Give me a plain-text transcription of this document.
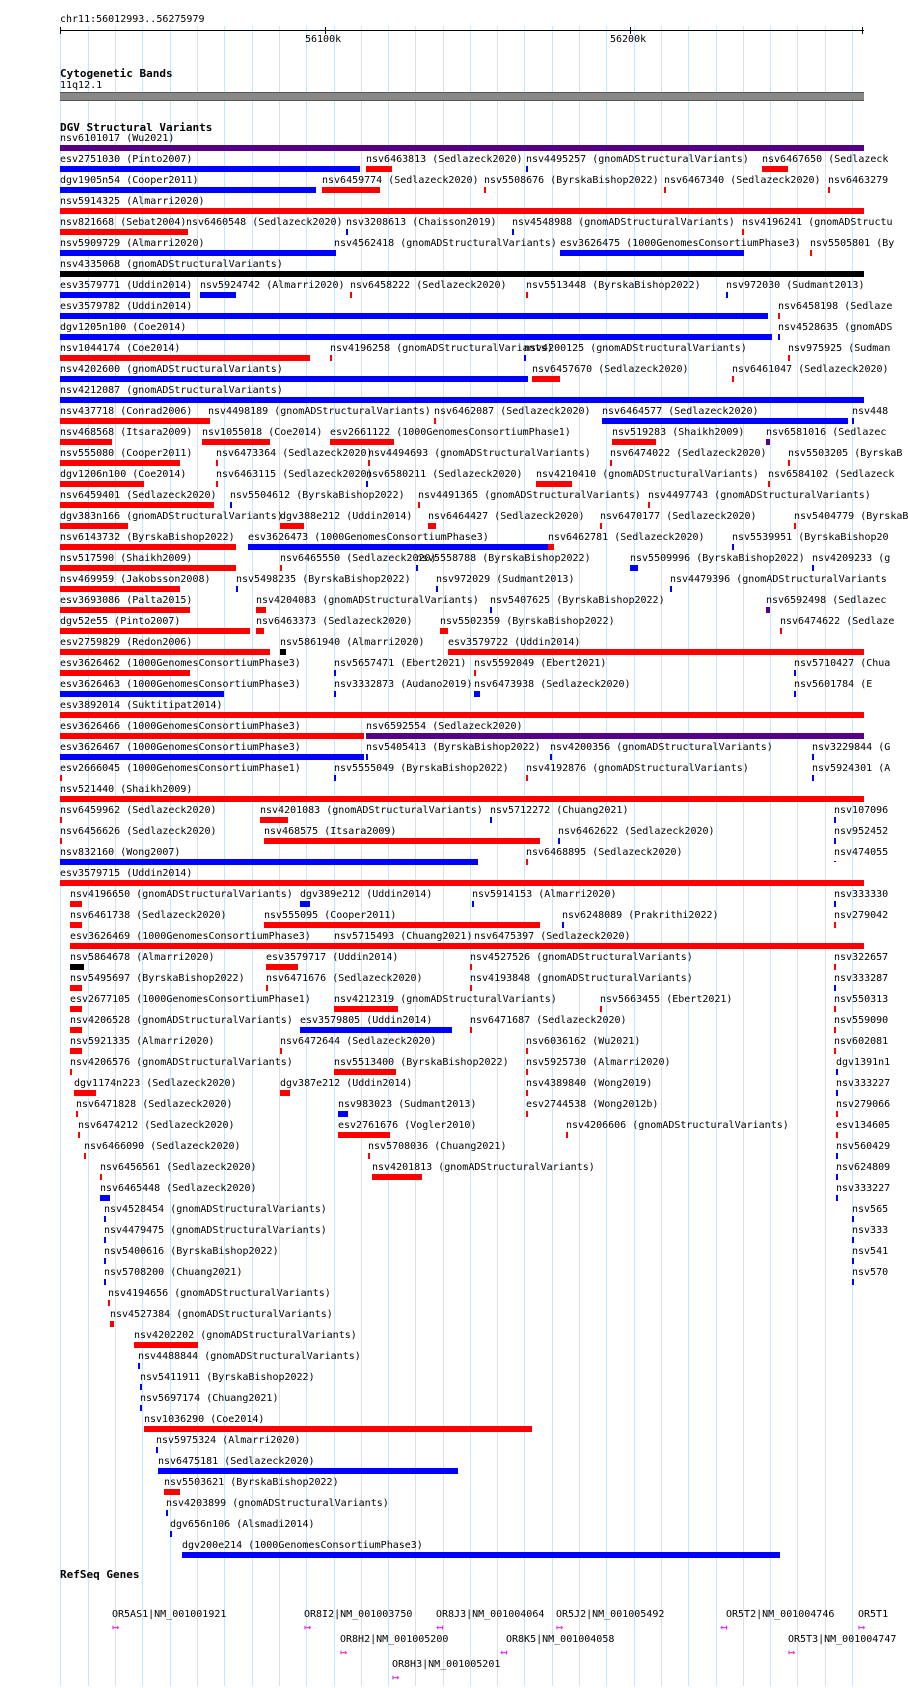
chr11:56012993..56275979
56100k	56200k
Cytogenetic Bands
11q12.1
DGV Structural Variants
nsv6101017 (Wu2021)
esv2751030 (Pinto2007)	nsv6463813 (Sedlazeck2020) nsv4495257 (gnomADStructuralVariants) nsv6467650 (Sedlazeck
dgv1905n54 (Cooper2011)	nsv6459774 (Sedlazeck2020) nsv5508676 (ByrskaBishop2022) nsv6467340 (Sedlazeck2020) nsv6463279
nsv5914325 (Almarri2020)
nsv821668 (Sebat2004) nsv6460548 (Sedlazeck2020) nsv3208613 (Chaisson2019) nsv4548988 (gnomADStructuralVariants) nsv4196241 (gnomADStructu
nsv5909729 (Almarri2020)	nsv4562418 (gnomADStructuralVariants) esv3626475 (1000GenomesConsortiumPhase3) nsv5505801 (By
nsv4335068 (gnomADStructuralVariants)
esv3579771 (Uddin2014) nsv5924742 (Almarri2020) nsv6458222 (Sedlazeck2020) nsv5513448 (ByrskaBishop2022)	nsv972030 (Sudmant2013)
esv3579782 (Uddin2014)	nsv6458198 (Sedlaze
dgv1205n100 (Coe2014)	nsv4528635 (gnomADS
nsv1044174 (Coe2014)	nsv4196258 (gnomADStructuralVariants)
nsv4200125 (gnomADStructuralVariants)	nsv975925 (Sudman
nsv4202600 (gnomADStructuralVariants)	nsv6457670 (Sedlazeck2020)	nsv6461047 (Sedlazeck2020)
nsv4212087 (gnomADStructuralVariants)
nsv437718 (Conrad2006) nsv4498189 (gnomADStructuralVariants) nsv6462087 (Sedlazeck2020) nsv6464577 (Sedlazeck2020)	nsv448
nsv468568 (Itsara2009) nsv1055018 (Coe2014) esv2661122 (1000GenomesConsortiumPhase1)	nsv519283 (Shaikh2009) nsv6581016 (Sedlazec
nsv555080 (Cooper2011) nsv6473364 (Sedlazeck2020)
nsv4494693 (gnomADStructuralVariants) nsv6474022 (Sedlazeck2020) nsv5503205 (ByrskaB
dgv1206n100 (Coe2014)	nsv6463115 (Sedlazeck2020)
nsv6580211 (Sedlazeck2020) nsv4210410 (gnomADStructuralVariants) nsv6584102 (Sedlazeck
nsv6459401 (Sedlazeck2020) nsv5504612 (ByrskaBishop2022) nsv4491365 (gnomADStructuralVariants) nsv4497743 (gnomADStructuralVariants)
dgv383n166 (gnomADStructuralVariants)
dgv388e212 (Uddin2014) nsv6464427 (Sedlazeck2020) nsv6470177 (Sedlazeck2020)	nsv5404779 (ByrskaB
nsv6143732 (ByrskaBishop2022) esv3626473 (1000GenomesConsortiumPhase3)	nsv6462781 (Sedlazeck2020)	nsv5539951 (ByrskaBishop20
nsv517590 (Shaikh2009)	nsv6465550 (Sedlazeck2020)
nsv5558788 (ByrskaBishop2022)	nsv5509996 (ByrskaBishop2022) nsv4209233 (g
nsv469959 (Jakobsson2008)	nsv5498235 (ByrskaBishop2022)	nsv972029 (Sudmant2013)	nsv4479396 (gnomADStructuralVariants
esv3693086 (Palta2015)	nsv4204083 (gnomADStructuralVariants) nsv5407625 (ByrskaBishop2022)	nsv6592498 (Sedlazec
dgv52e55 (Pinto2007)	nsv6463373 (Sedlazeck2020)	nsv5502359 (ByrskaBishop2022)	nsv6474622 (Sedlaze
esv2759829 (Redon2006)	nsv5861940 (Almarri2020) esv3579722 (Uddin2014)
esv3626462 (1000GenomesConsortiumPhase3)	nsv5657471 (Ebert2021) nsv5592049 (Ebert2021)	nsv5710427 (Chua
esv3626463 (1000GenomesConsortiumPhase3)	nsv3332873 (Audano2019) nsv6473938 (Sedlazeck2020)	nsv5601784 (E
esv3892014 (Suktitipat2014)
esv3626466 (1000GenomesConsortiumPhase3)	nsv6592554 (Sedlazeck2020)
esv3626467 (1000GenomesConsortiumPhase3)	nsv5405413 (ByrskaBishop2022) nsv4200356 (gnomADStructuralVariants)	nsv3229844 (G
esv2666045 (1000GenomesConsortiumPhase1)	nsv5555049 (ByrskaBishop2022) nsv4192876 (gnomADStructuralVariants)	nsv5924301 (A
nsv521440 (Shaikh2009)
nsv6459962 (Sedlazeck2020)	nsv4201083 (gnomADStructuralVariants) nsv5712272 (Chuang2021)	nsv107096
nsv6456626 (Sedlazeck2020)	nsv468575 (Itsara2009)	nsv6462622 (Sedlazeck2020)	nsv952452
nsv832160 (Wong2007)	nsv6468895 (Sedlazeck2020)	nsv474055
esv3579715 (Uddin2014)
nsv4196650 (gnomADStructuralVariants) dgv389e212 (Uddin2014)	nsv5914153 (Almarri2020)	nsv333330
nsv6461738 (Sedlazeck2020)	nsv555095 (Cooper2011)	nsv6248089 (Prakrithi2022)	nsv279042
esv3626469 (1000GenomesConsortiumPhase3) nsv5715493 (Chuang2021) nsv6475397 (Sedlazeck2020)
nsv5864678 (Almarri2020)	esv3579717 (Uddin2014)	nsv4527526 (gnomADStructuralVariants)	nsv322657
nsv5495697 (ByrskaBishop2022) nsv6471676 (Sedlazeck2020)	nsv4193848 (gnomADStructuralVariants)	nsv333287
esv2677105 (1000GenomesConsortiumPhase1) nsv4212319 (gnomADStructuralVariants)	nsv5663455 (Ebert2021)	nsv550313
nsv4206528 (gnomADStructuralVariants) esv3579805 (Uddin2014)	nsv6471687 (Sedlazeck2020)	nsv559090
nsv5921335 (Almarri2020)	nsv6472644 (Sedlazeck2020)	nsv6036162 (Wu2021)	nsv602081
nsv4206576 (gnomADStructuralVariants)	nsv5513400 (ByrskaBishop2022) nsv5925730 (Almarri2020)	dgv1391n1
dgv1174n223 (Sedlazeck2020)	dgv387e212 (Uddin2014)	nsv4389840 (Wong2019)	nsv333227
nsv6471828 (Sedlazeck2020)	nsv983023 (Sudmant2013)	esv2744538 (Wong2012b)	nsv279066
nsv6474212 (Sedlazeck2020)	esv2761676 (Vogler2010)	nsv4206606 (gnomADStructuralVariants)	esv134605
nsv6466090 (Sedlazeck2020)	nsv5708036 (Chuang2021)	nsv560429
nsv6456561 (Sedlazeck2020)	nsv4201813 (gnomADStructuralVariants)	nsv624809
nsv6465448 (Sedlazeck2020)	nsv333227
nsv4528454 (gnomADStructuralVariants)	nsv565
nsv4479475 (gnomADStructuralVariants)	nsv333
nsv5400616 (ByrskaBishop2022)	nsv541
nsv5708200 (Chuang2021)	nsv570
nsv4194656 (gnomADStructuralVariants)
nsv4527384 (gnomADStructuralVariants)
nsv4202202 (gnomADStructuralVariants)
nsv4488844 (gnomADStructuralVariants)
nsv5411911 (ByrskaBishop2022)
nsv5697174 (Chuang2021)
nsv1036290 (Coe2014)
nsv5975324 (Almarri2020)
nsv6475181 (Sedlazeck2020)
nsv5503621 (ByrskaBishop2022)
nsv4203899 (gnomADStructuralVariants)
dgv656n106 (Alsmadi2014)
dgv200e214 (1000GenomesConsortiumPhase3)
RefSeq Genes
OR5AS1|NM_001001921
↦
OR8I2|NM_001003750
↦
OR8J3|NM_001004064
↤
OR5J2|NM_001005492
↦
OR5T2|NM_001004746
↤
OR5T1
↦
OR8H2|NM_001005200
↦
OR8K5|NM_001004058
↤
OR5T3|NM_001004747
↦
OR8H3|NM_001005201
↦
